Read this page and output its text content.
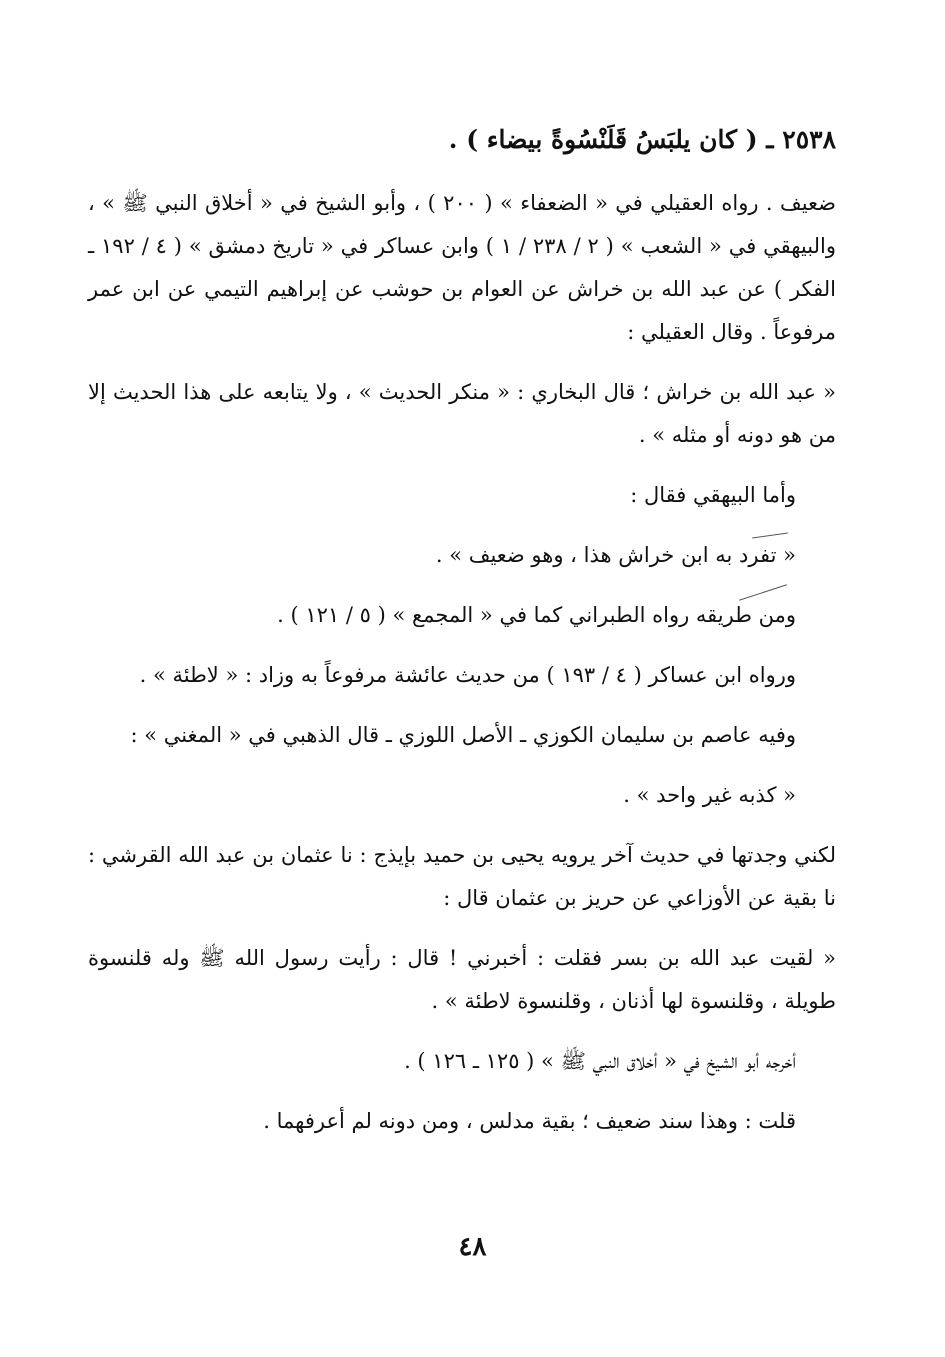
٢٥٣٨ ـ ( كان يلبَسُ قَلَنْسُوةً بيضاء ) .

ضعيف . رواه العقيلي في « الضعفاء » ( ٢٠٠ ) ، وأبو الشيخ في « أخلاق النبي ﷺ » ، والبيهقي في « الشعب » ( ٢ / ٢٣٨ / ١ ) وابن عساكر في « تاريخ دمشق » ( ٤ / ١٩٢ ـ الفكر ) عن عبد الله بن خراش عن العوام بن حوشب عن إبراهيم التيمي عن ابن عمر مرفوعاً . وقال العقيلي :

« عبد الله بن خراش ؛ قال البخاري : « منكر الحديث » ، ولا يتابعه على هذا الحديث إلا من هو دونه أو مثله » .

وأما البيهقي فقال :

« تفرد به ابن خراش هذا ، وهو ضعيف » .

ومن طريقه رواه الطبراني كما في « المجمع » ( ٥ / ١٢١ ) .

ورواه ابن عساكر ( ٤ / ١٩٣ ) من حديث عائشة مرفوعاً به وزاد : « لاطئة » .

وفيه عاصم بن سليمان الكوزي ـ الأصل اللوزي ـ قال الذهبي في « المغني » :

« كذبه غير واحد » .

لكني وجدتها في حديث آخر يرويه يحيى بن حميد بإيذج : نا عثمان بن عبد الله القرشي : نا بقية عن الأوزاعي عن حريز بن عثمان قال :

« لقيت عبد الله بن بسر فقلت : أخبرني ! قال : رأيت رسول الله ﷺ وله قلنسوة طويلة ، وقلنسوة لها أذنان ، وقلنسوة لاطئة » .

أخرجه أبو الشيخ في « أخلاق النبي ﷺ » ( ١٢٥ ـ ١٢٦ ) .

قلت : وهذا سند ضعيف ؛ بقية مدلس ، ومن دونه لم أعرفهما .

٤٨
